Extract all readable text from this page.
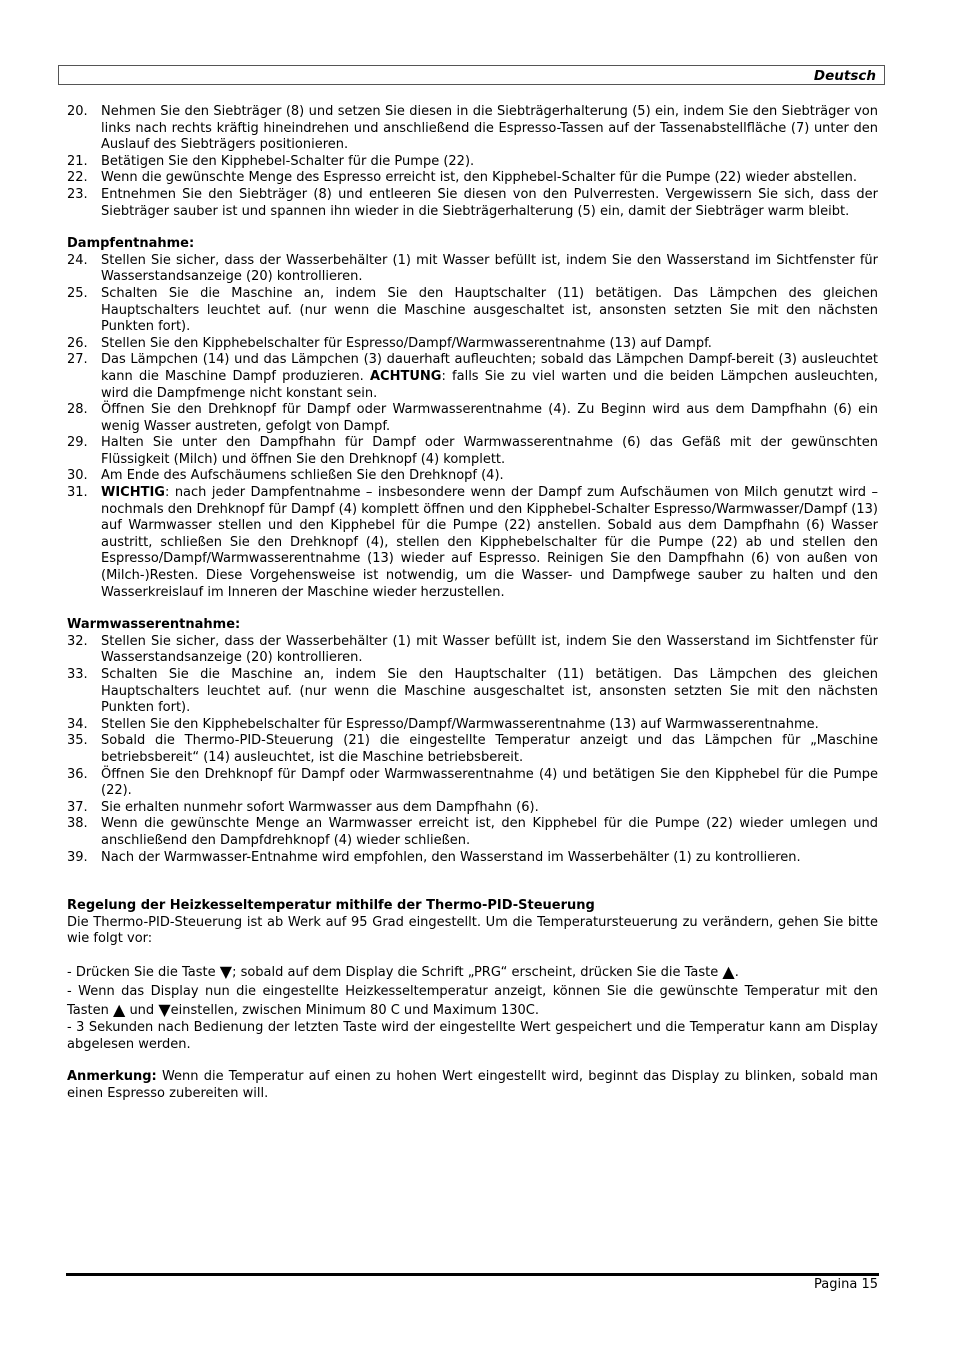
Deutsch
20. Nehmen Sie den Siebträger (8) und setzen Sie diesen in die Siebträgerhalterung (5) ein, indem Sie den Siebträger von links nach rechts kräftig hineindrehen und anschließend die Espresso-Tassen auf der Tassenabstellfläche (7) unter den Auslauf des Siebträgers positionieren.
21. Betätigen Sie den Kipphebel-Schalter für die Pumpe (22).
22. Wenn die gewünschte Menge des Espresso erreicht ist, den Kipphebel-Schalter für die Pumpe (22) wieder abstellen.
23. Entnehmen Sie den Siebträger (8) und entleeren Sie diesen von den Pulverresten. Vergewissern Sie sich, dass der Siebträger sauber ist und spannen ihn wieder in die Siebträgerhalterung (5) ein, damit der Siebträger warm bleibt.
Dampfentnahme:
24. Stellen Sie sicher, dass der Wasserbehälter (1) mit Wasser befüllt ist, indem Sie den Wasserstand im Sichtfenster für Wasserstandsanzeige (20) kontrollieren.
25. Schalten Sie die Maschine an, indem Sie den Hauptschalter (11) betätigen. Das Lämpchen des gleichen Hauptschalters leuchtet auf. (nur wenn die Maschine ausgeschaltet ist, ansonsten setzten Sie mit den nächsten Punkten fort).
26. Stellen Sie den Kipphebelschalter für Espresso/Dampf/Warmwasserentnahme (13) auf Dampf.
27. Das Lämpchen (14) und das Lämpchen (3) dauerhaft aufleuchten; sobald das Lämpchen Dampf-bereit (3) ausleuchtet kann die Maschine Dampf produzieren. ACHTUNG: falls Sie zu viel warten und die beiden Lämpchen ausleuchten, wird die Dampfmenge nicht konstant sein.
28. Öffnen Sie den Drehknopf für Dampf oder Warmwasserentnahme (4). Zu Beginn wird aus dem Dampfhahn (6) ein wenig Wasser austreten, gefolgt von Dampf.
29. Halten Sie unter den Dampfhahn für Dampf oder Warmwasserentnahme (6) das Gefäß mit der gewünschten Flüssigkeit (Milch) und öffnen Sie den Drehknopf (4) komplett.
30. Am Ende des Aufschäumens schließen Sie den Drehknopf (4).
31. WICHTIG: nach jeder Dampfentnahme – insbesondere wenn der Dampf zum Aufschäumen von Milch genutzt wird – nochmals den Drehknopf für Dampf (4) komplett öffnen und den Kipphebel-Schalter Espresso/Warmwasser/Dampf (13) auf Warmwasser stellen und den Kipphebel für die Pumpe (22) anstellen. Sobald aus dem Dampfhahn (6) Wasser austritt, schließen Sie den Drehknopf (4), stellen den Kipphebelschalter für die Pumpe (22) ab und stellen den Espresso/Dampf/Warmwasserentnahme (13) wieder auf Espresso. Reinigen Sie den Dampfhahn (6) von außen von (Milch-)Resten. Diese Vorgehensweise ist notwendig, um die Wasser- und Dampfwege sauber zu halten und den Wasserkreislauf im Inneren der Maschine wieder herzustellen.
Warmwasserentnahme:
32. Stellen Sie sicher, dass der Wasserbehälter (1) mit Wasser befüllt ist, indem Sie den Wasserstand im Sichtfenster für Wasserstandsanzeige (20) kontrollieren.
33. Schalten Sie die Maschine an, indem Sie den Hauptschalter (11) betätigen. Das Lämpchen des gleichen Hauptschalters leuchtet auf. (nur wenn die Maschine ausgeschaltet ist, ansonsten setzten Sie mit den nächsten Punkten fort).
34. Stellen Sie den Kipphebelschalter für Espresso/Dampf/Warmwasserentnahme (13) auf Warmwasserentnahme.
35. Sobald die Thermo-PID-Steuerung (21) die eingestellte Temperatur anzeigt und das Lämpchen für „Maschine betriebsbereit“ (14) ausleuchtet, ist die Maschine betriebsbereit.
36. Öffnen Sie den Drehknopf für Dampf oder Warmwasserentnahme (4) und betätigen Sie den Kipphebel für die Pumpe (22).
37. Sie erhalten nunmehr sofort Warmwasser aus dem Dampfhahn (6).
38. Wenn die gewünschte Menge an Warmwasser erreicht ist, den Kipphebel für die Pumpe (22) wieder umlegen und anschließend den Dampfdrehknopf (4) wieder schließen.
39. Nach der Warmwasser-Entnahme wird empfohlen, den Wasserstand im Wasserbehälter (1) zu kontrollieren.
Regelung der Heizkesseltemperatur mithilfe der Thermo-PID-Steuerung
Die Thermo-PID-Steuerung ist ab Werk auf 95 Grad eingestellt. Um die Temperatursteuerung zu verändern, gehen Sie bitte wie folgt vor:
- Drücken Sie die Taste ▼; sobald auf dem Display die Schrift „PRG“ erscheint, drücken Sie die Taste ▲.
- Wenn das Display nun die eingestellte Heizkesseltemperatur anzeigt, können Sie die gewünschte Temperatur mit den Tasten ▲ und ▼einstellen, zwischen Minimum 80 C und Maximum 130C.
- 3 Sekunden nach Bedienung der letzten Taste wird der eingestellte Wert gespeichert und die Temperatur kann am Display abgelesen werden.
Anmerkung: Wenn die Temperatur auf einen zu hohen Wert eingestellt wird, beginnt das Display zu blinken, sobald man einen Espresso zubereiten will.
Pagina 15
